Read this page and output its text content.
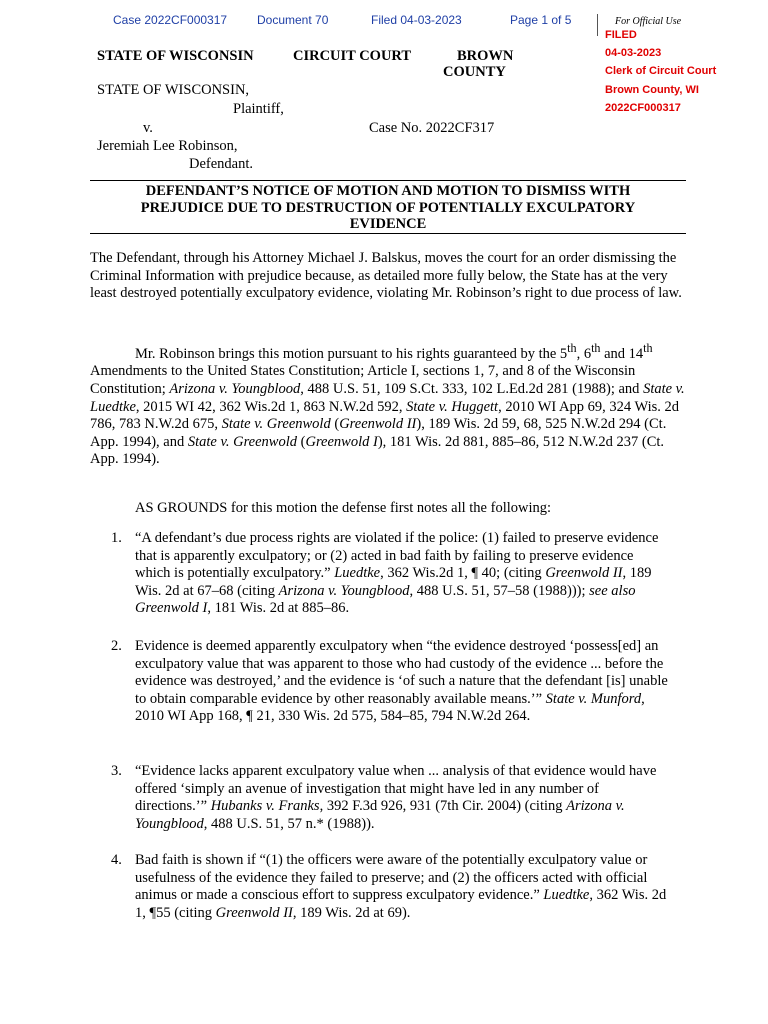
Case 2022CF000317 Document 70	Filed 04-03-2023	Page 1 of 5	For Official Use
FILED
04-03-2023
Clerk of Circuit Court
Brown County, WI
2022CF000317
STATE OF WISCONSIN	CIRCUIT COURT	BROWN
COUNTY
STATE OF WISCONSIN,
Plaintiff,
v.	Case No. 2022CF317
Jeremiah Lee Robinson,
Defendant.
DEFENDANT’S NOTICE OF MOTION AND MOTION TO DISMISS WITH
PREJUDICE DUE TO DESTRUCTION OF POTENTIALLY EXCULPATORY
EVIDENCE

The Defendant, through his Attorney Michael J. Balskus, moves the court for an order dismissing the Criminal Information with prejudice because, as detailed more fully below, the State has at the very least destroyed potentially exculpatory evidence, violating Mr. Robinson’s right to due process of law.

Mr. Robinson brings this motion pursuant to his rights guaranteed by the 5th, 6th and 14th Amendments to the United States Constitution; Article I, sections 1, 7, and 8 of the Wisconsin Constitution; Arizona v. Youngblood, 488 U.S. 51, 109 S.Ct. 333, 102 L.Ed.2d 281 (1988); and State v. Luedtke, 2015 WI 42, 362 Wis.2d 1, 863 N.W.2d 592, State v. Huggett, 2010 WI App 69, 324 Wis. 2d 786, 783 N.W.2d 675, State v. Greenwold (Greenwold II), 189 Wis. 2d 59, 68, 525 N.W.2d 294 (Ct. App. 1994), and State v. Greenwold (Greenwold I), 181 Wis. 2d 881, 885–86, 512 N.W.2d 237 (Ct. App. 1994).

AS GROUNDS for this motion the defense first notes all the following:

1. “A defendant’s due process rights are violated if the police: (1) failed to preserve evidence that is apparently exculpatory; or (2) acted in bad faith by failing to preserve evidence which is potentially exculpatory.” Luedtke, 362 Wis.2d 1, ¶ 40; (citing Greenwold II, 189 Wis. 2d at 67–68 (citing Arizona v. Youngblood, 488 U.S. 51, 57–58 (1988))); see also Greenwold I, 181 Wis. 2d at 885–86.
2. Evidence is deemed apparently exculpatory when “the evidence destroyed ‘possess[ed] an exculpatory value that was apparent to those who had custody of the evidence ... before the evidence was destroyed,’ and the evidence is ‘of such a nature that the defendant [is] unable to obtain comparable evidence by other reasonably available means.’” State v. Munford, 2010 WI App 168, ¶ 21, 330 Wis. 2d 575, 584–85, 794 N.W.2d 264.
3. “Evidence lacks apparent exculpatory value when ... analysis of that evidence would have offered ‘simply an avenue of investigation that might have led in any number of directions.’” Hubanks v. Franks, 392 F.3d 926, 931 (7th Cir. 2004) (citing Arizona v. Youngblood, 488 U.S. 51, 57 n.* (1988)).
4. Bad faith is shown if “(1) the officers were aware of the potentially exculpatory value or usefulness of the evidence they failed to preserve; and (2) the officers acted with official animus or made a conscious effort to suppress exculpatory evidence.” Luedtke, 362 Wis. 2d 1, ¶55 (citing Greenwold II, 189 Wis. 2d at 69).
